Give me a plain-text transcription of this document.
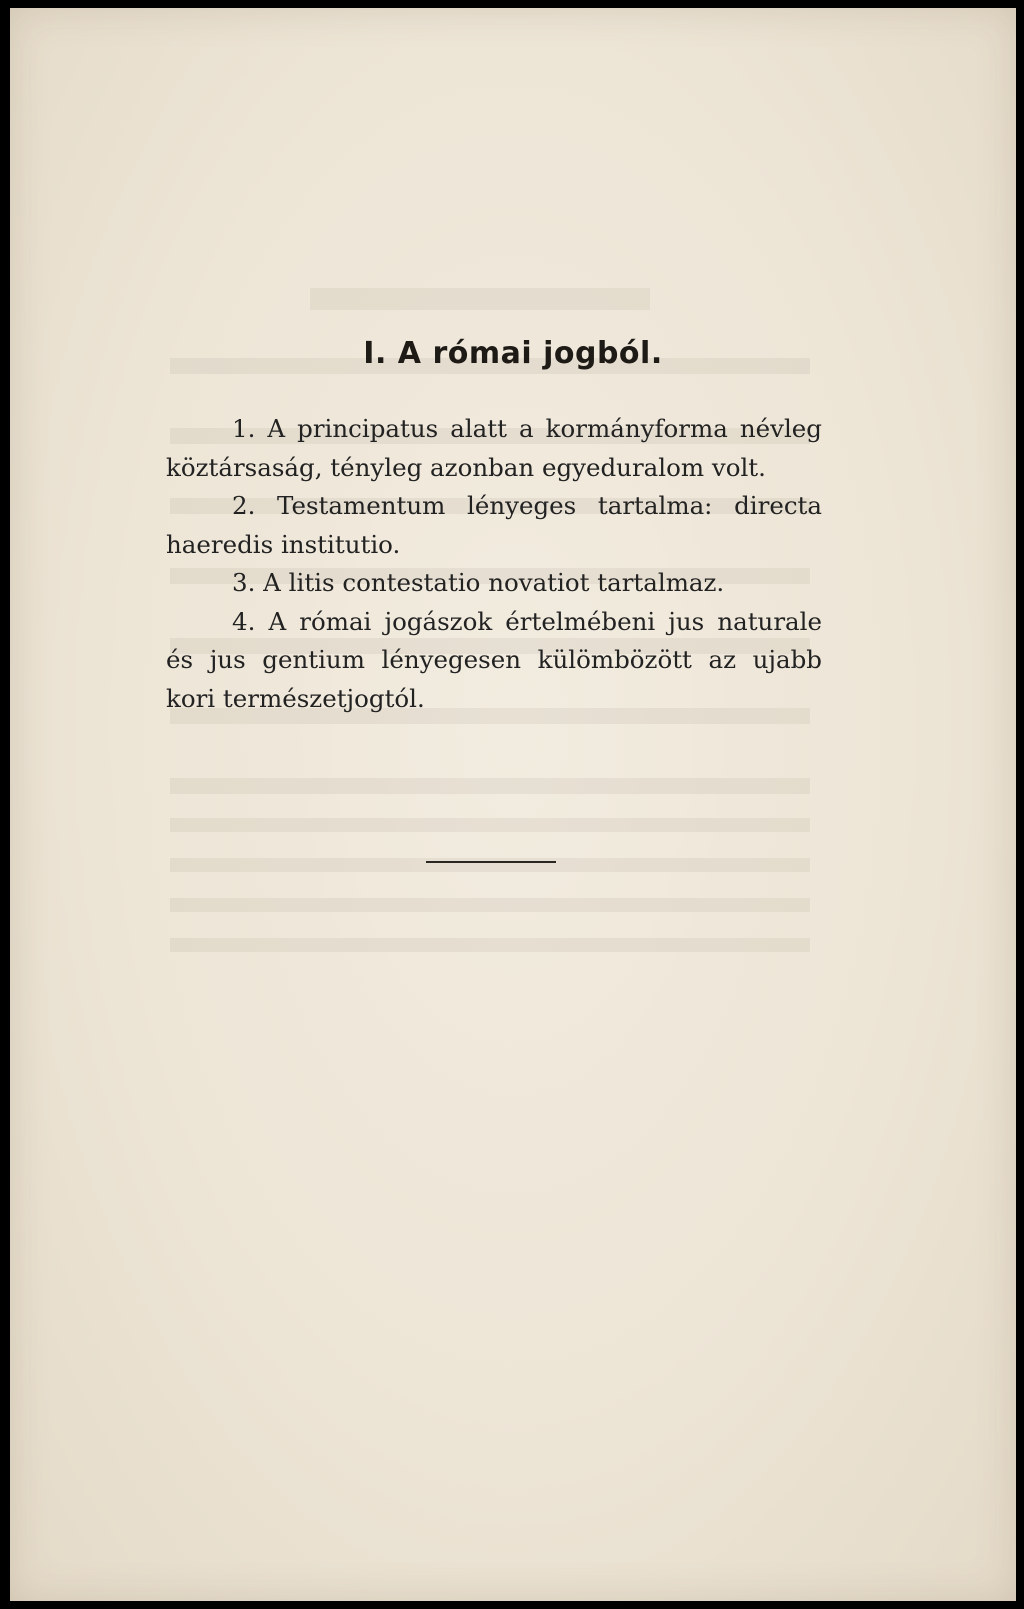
I. A római jogból.

1. A principatus alatt a kormányforma névleg köztársaság, tényleg azonban egyeduralom volt.

2. Testamentum lényeges tartalma: directa haeredis institutio.

3. A litis contestatio novatiot tartalmaz.

4. A római jogászok értelmébeni jus naturale és jus gentium lényegesen külömbözött az ujabb kori természetjogtól.
